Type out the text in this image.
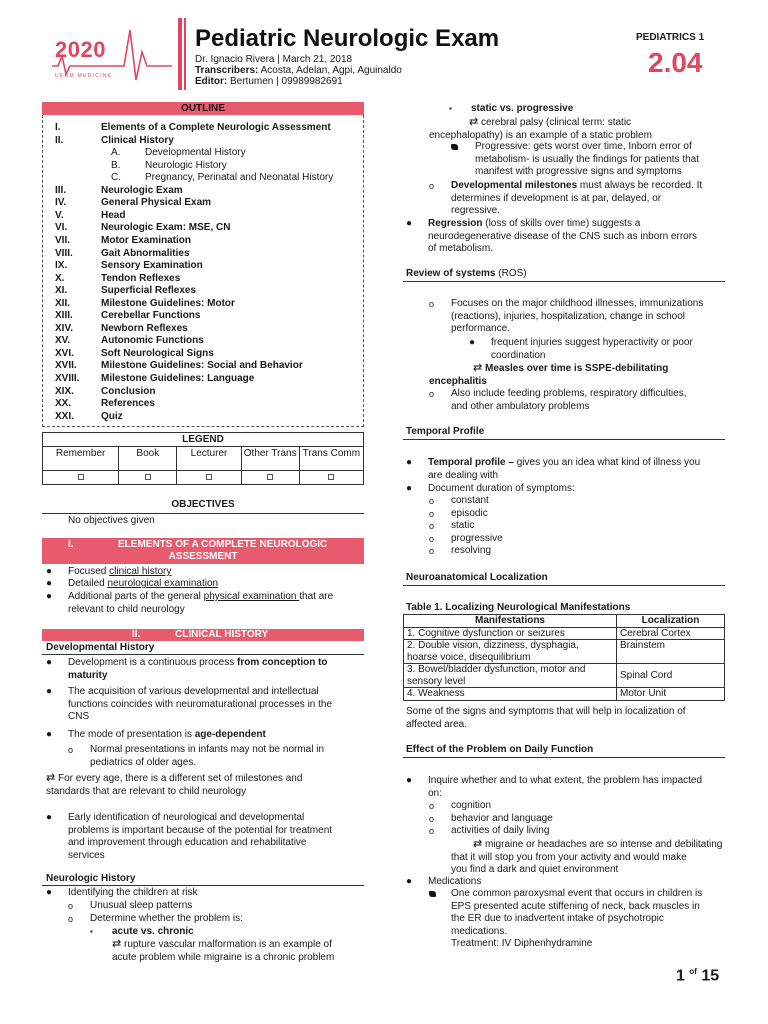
2020
UERM MEDICINE
Pediatric Neurologic Exam
Dr. Ignacio Rivera | March 21, 2018
Transcribers: Acosta, Adelan, Agpi, Aguinaldo
Editor: Bertumen | 09989982691
PEDIATRICS 1
2.04
OUTLINE
I.	Elements of a Complete Neurologic Assessment
II.	Clinical History
A. Developmental History
B. Neurologic History
C. Pregnancy, Perinatal and Neonatal History
III.	Neurologic Exam
IV.	General Physical Exam
V.	Head
VI.	Neurologic Exam: MSE, CN
VII.	Motor Examination
VIII.	Gait Abnormalities
IX.	Sensory Examination
X.	Tendon Reflexes
XI.	Superficial Reflexes
XII.	Milestone Guidelines: Motor
XIII.	Cerebellar Functions
XIV.	Newborn Reflexes
XV.	Autonomic Functions
XVI.	Soft Neurological Signs
XVII. Milestone Guidelines: Social and Behavior
XVIII. Milestone Guidelines: Language
XIX.	Conclusion
XX.	References
XXI.	Quiz
LEGEND				
Remember	Book	Lecturer	Other Trans	Trans Comm

OBJECTIVES
No objectives given
I.	ELEMENTS OF A COMPLETE NEUROLOGIC
ASSESSMENT
● Focused clinical history
● Detailed neurological examination
● Additional parts of the general physical examination that are
relevant to child neurology
II.	CLINICAL HISTORY
Developmental History
● Development is a continuous process from conception to
maturity
● The acquisition of various developmental and intellectual
functions coincides with neuromaturational processes in the
CNS
● The mode of presentation is age-dependent
o Normal presentations in infants may not be normal in
pediatrics of older ages.
⇄ For every age, there is a different set of milestones and
standards that are relevant to child neurology
● Early identification of neurological and developmental
problems is important because of the potential for treatment
and improvement through education and rehabilitative
services
Neurologic History
● Identifying the children at risk
o Unusual sleep patterns
o Determine whether the problem is:
▪ acute vs. chronic
⇄ rupture vascular malformation is an example of
acute problem while migraine is a chronic problem
▪ static vs. progressive
⇄ cerebral palsy (clinical term: static
encephalopathy) is an example of a static problem
Progressive: gets worst over time, Inborn error of
metabolism- is usually the findings for patients that
manifest with progressive signs and symptoms
o Developmental milestones must always be recorded. It
determines if development is at par, delayed, or
regressive.
● Regression (loss of skills over time) suggests a
neurodegenerative disease of the CNS such as inborn errors
of metabolism.
Review of systems (ROS)
o Focuses on the major childhood illnesses, immunizations
(reactions), injuries, hospitalization, change in school
performance.
● frequent injuries suggest hyperactivity or poor
coordination
⇄ Measles over time is SSPE-debilitating
encephalitis
o Also include feeding problems, respiratory difficulties,
and other ambulatory problems
Temporal Profile
● Temporal profile – gives you an idea what kind of illness you
are dealing with
● Document duration of symptoms:
o constant
o episodic
o static
o progressive
o resolving
Neuroanatomical Localization
Table 1. Localizing Neurological Manifestations
Manifestations	Localization
1. Cognitive dysfunction or seizures	Cerebral Cortex
2. Double vision, dizziness, dysphagia,
hoarse voice, disequilibrium	Brainstem
3. Bowel/bladder dysfunction, motor and
sensory level	Spinal Cord
4. Weakness	Motor Unit
Some of the signs and symptoms that will help in localization of
affected area.
Effect of the Problem on Daily Function
● Inquire whether and to what extent, the problem has impacted
on:
o cognition
o behavior and language
o activities of daily living
⇄ migraine or headaches are so intense and debilitating
that it will stop you from your activity and would make
you find a dark and quiet environment
● Medications
One common paroxysmal event that occurs in children is
EPS presented acute stiffening of neck, back muscles in
the ER due to inadvertent intake of psychotropic
medications.
Treatment: IV Diphenhydramine
1 $^{of}$ 15
